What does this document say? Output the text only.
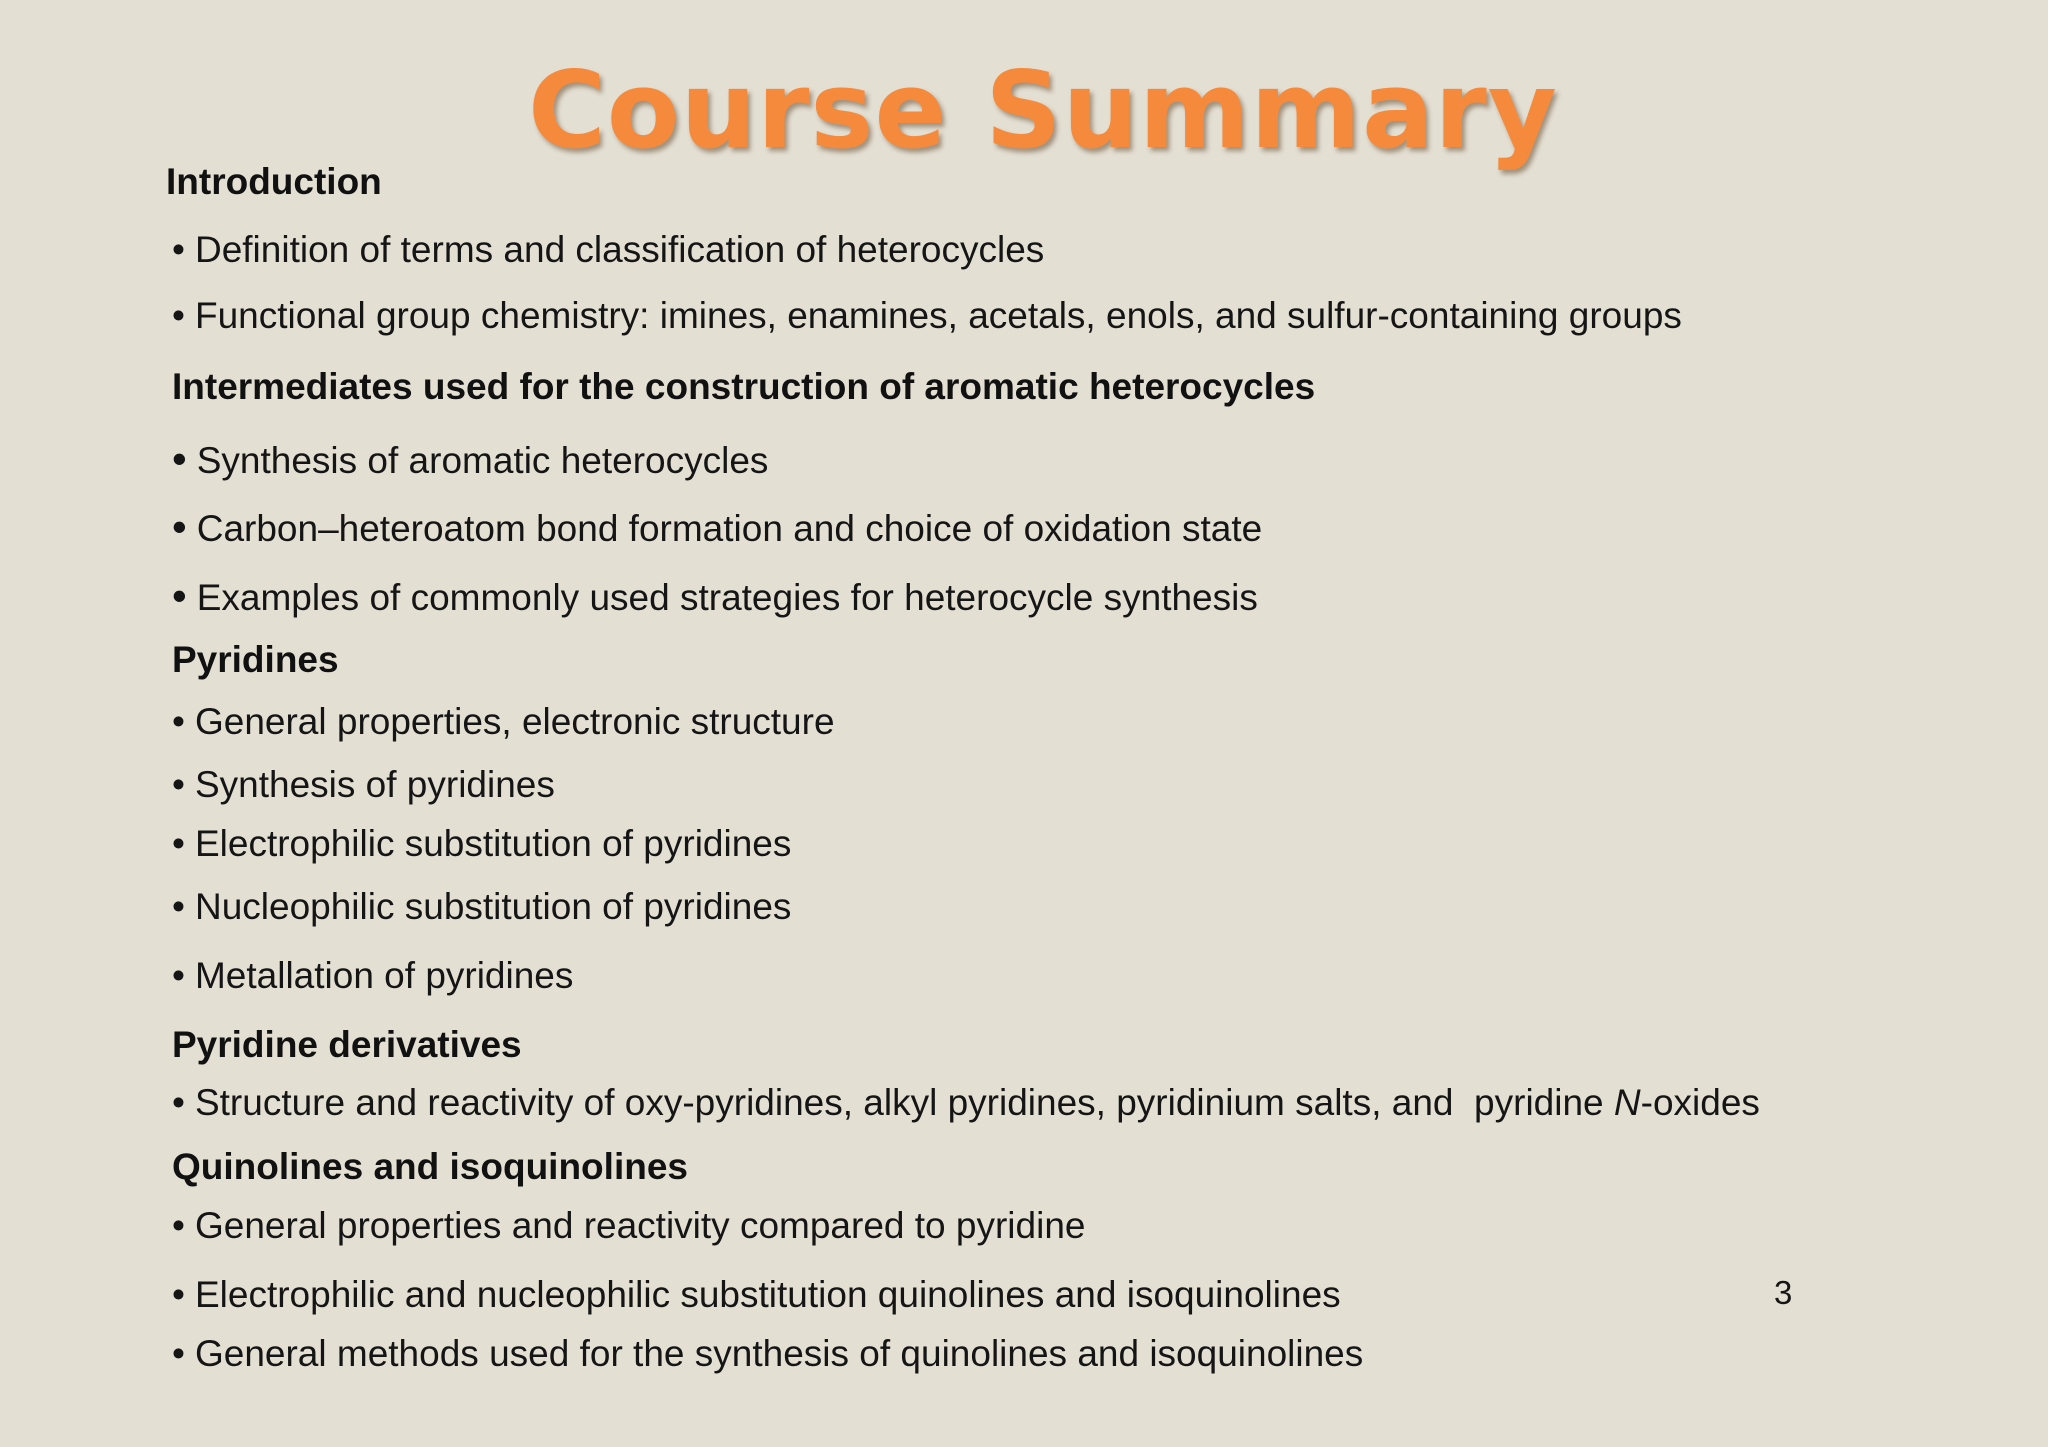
Course Summary
Introduction
• Definition of terms and classification of heterocycles
• Functional group chemistry: imines, enamines, acetals, enols, and sulfur-containing groups
Intermediates used for the construction of aromatic heterocycles
• Synthesis of aromatic heterocycles
• Carbon–heteroatom bond formation and choice of oxidation state
• Examples of commonly used strategies for heterocycle synthesis
Pyridines
• General properties, electronic structure
• Synthesis of pyridines
• Electrophilic substitution of pyridines
• Nucleophilic substitution of pyridines
• Metallation of pyridines
Pyridine derivatives
• Structure and reactivity of oxy-pyridines, alkyl pyridines, pyridinium salts, and  pyridine N-oxides
Quinolines and isoquinolines
• General properties and reactivity compared to pyridine
• Electrophilic and nucleophilic substitution quinolines and isoquinolines
• General methods used for the synthesis of quinolines and isoquinolines
3
